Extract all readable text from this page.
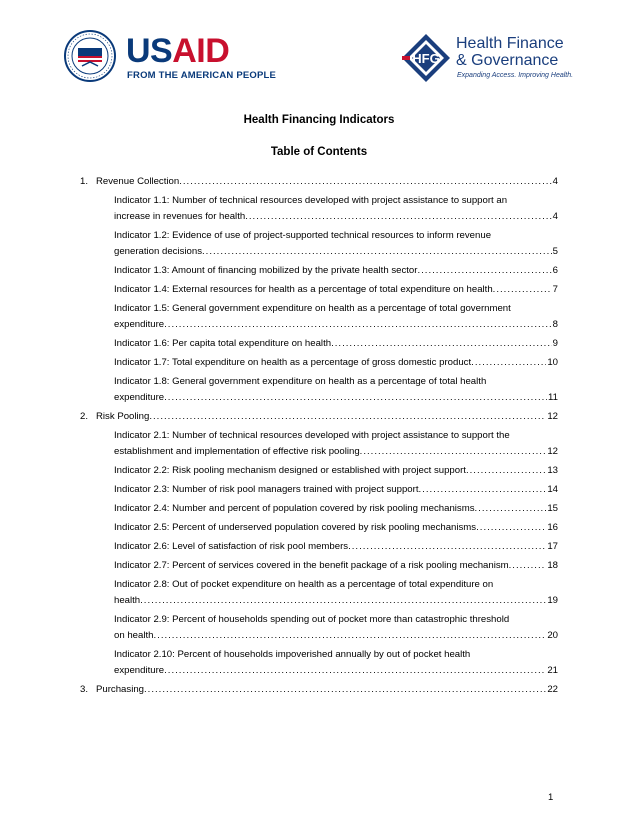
USAID
FROM THE AMERICAN PEOPLE
HFG
Health Finance
& Governance
Expanding Access. Improving Health.
Health Financing Indicators
Table of Contents
1. Revenue Collection .....	4
Indicator 1.1: Number of technical resources developed with project assistance to support an
increase in revenues for health .....	4
Indicator 1.2: Evidence of use of project-supported technical resources to inform revenue
generation decisions .....	5
Indicator 1.3: Amount of financing mobilized by the private health sector .....	6
Indicator 1.4: External resources for health as a percentage of total expenditure on health .....	7
Indicator 1.5: General government expenditure on health as a percentage of total government
expenditure .....	8
Indicator 1.6: Per capita total expenditure on health .....	9
Indicator 1.7: Total expenditure on health as a percentage of gross domestic product .....	10
Indicator 1.8: General government expenditure on health as a percentage of total health
expenditure .....	11
2. Risk Pooling .....	12
Indicator 2.1: Number of technical resources developed with project assistance to support the
establishment and implementation of effective risk pooling .....	12
Indicator 2.2: Risk pooling mechanism designed or established with project support .....	13
Indicator 2.3: Number of risk pool managers trained with project support .....	14
Indicator 2.4: Number and percent of population covered by risk pooling mechanisms .....	15
Indicator 2.5: Percent of underserved population covered by risk pooling mechanisms .....	16
Indicator 2.6: Level of satisfaction of risk pool members .....	17
Indicator 2.7: Percent of services covered in the benefit package of a risk pooling mechanism .....	18
Indicator 2.8: Out of pocket expenditure on health as a percentage of total expenditure on
health .....	19
Indicator 2.9: Percent of households spending out of pocket more than catastrophic threshold
on health .....	20
Indicator 2.10: Percent of households impoverished annually by out of pocket health
expenditure .....	21
3. Purchasing .....	22
1
